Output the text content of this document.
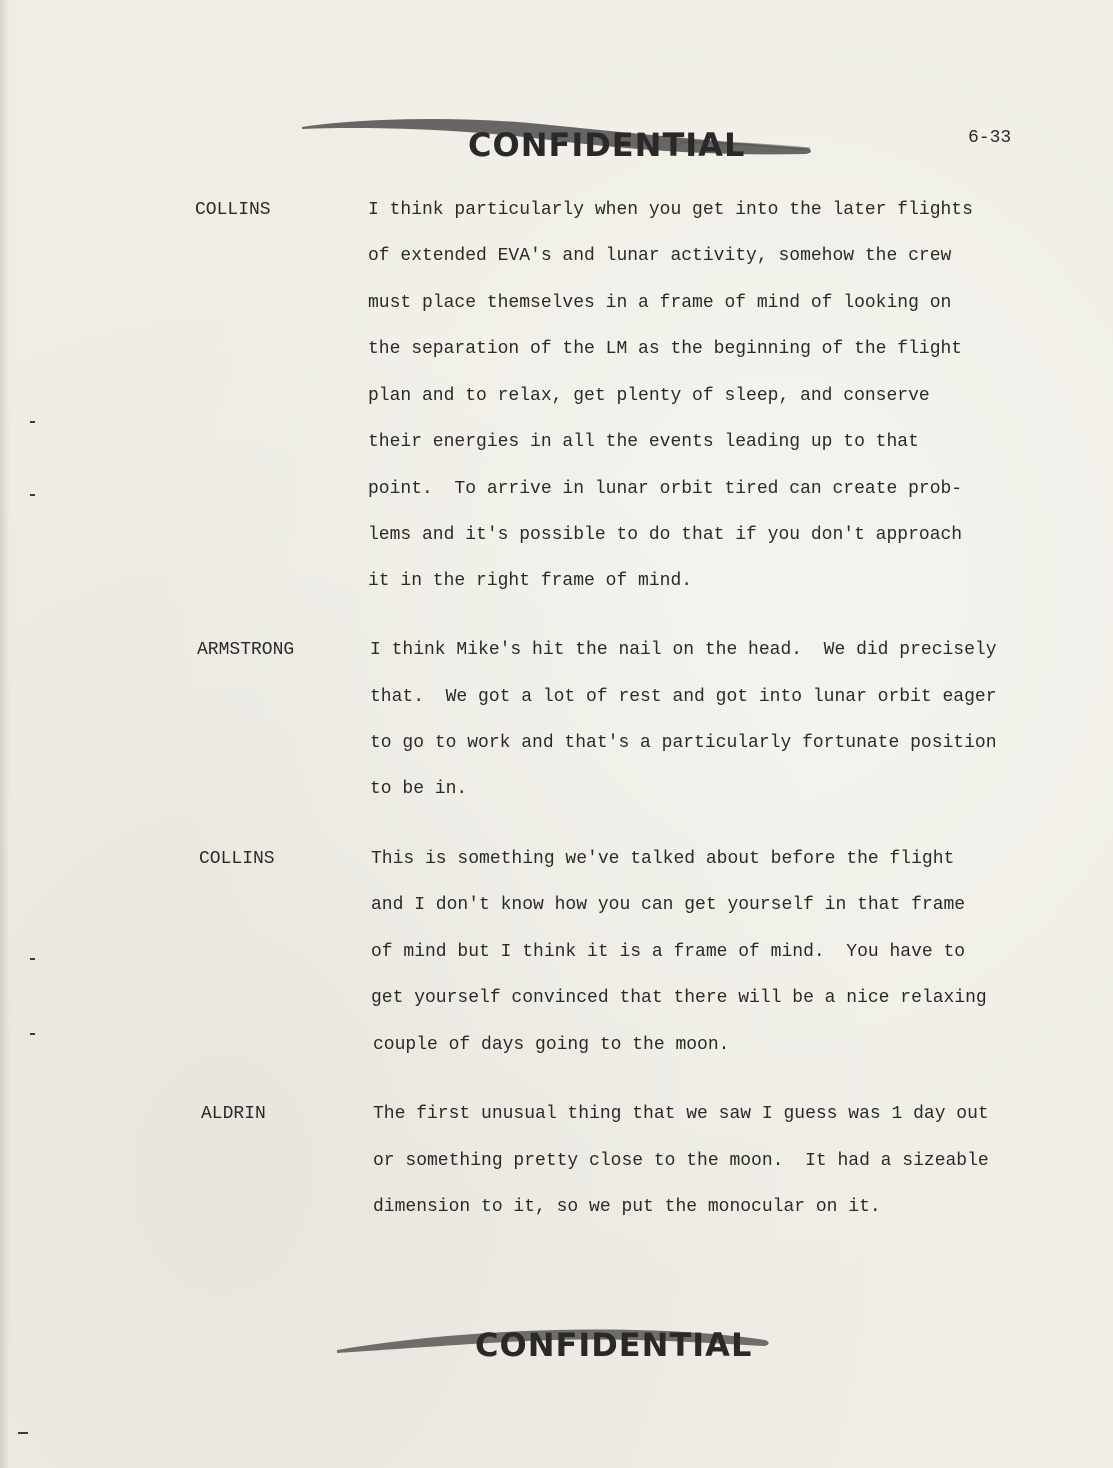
CONFIDENTIAL	6-33
COLLINS
ARMSTRONG
COLLINS
ALDRIN
I think particularly when you get into the later flights
of extended EVA's and lunar activity, somehow the crew
must place themselves in a frame of mind of looking on
the separation of the LM as the beginning of the flight
plan and to relax, get plenty of sleep, and conserve
their energies in all the events leading up to that
point.  To arrive in lunar orbit tired can create prob-
lems and it's possible to do that if you don't approach
it in the right frame of mind.
I think Mike's hit the nail on the head.  We did precisely
that.  We got a lot of rest and got into lunar orbit eager
to go to work and that's a particularly fortunate position
to be in.
This is something we've talked about before the flight
and I don't know how you can get yourself in that frame
of mind but I think it is a frame of mind.  You have to
get yourself convinced that there will be a nice relaxing
couple of days going to the moon.
The first unusual thing that we saw I guess was 1 day out
or something pretty close to the moon.  It had a sizeable
dimension to it, so we put the monocular on it.
CONFIDENTIAL
